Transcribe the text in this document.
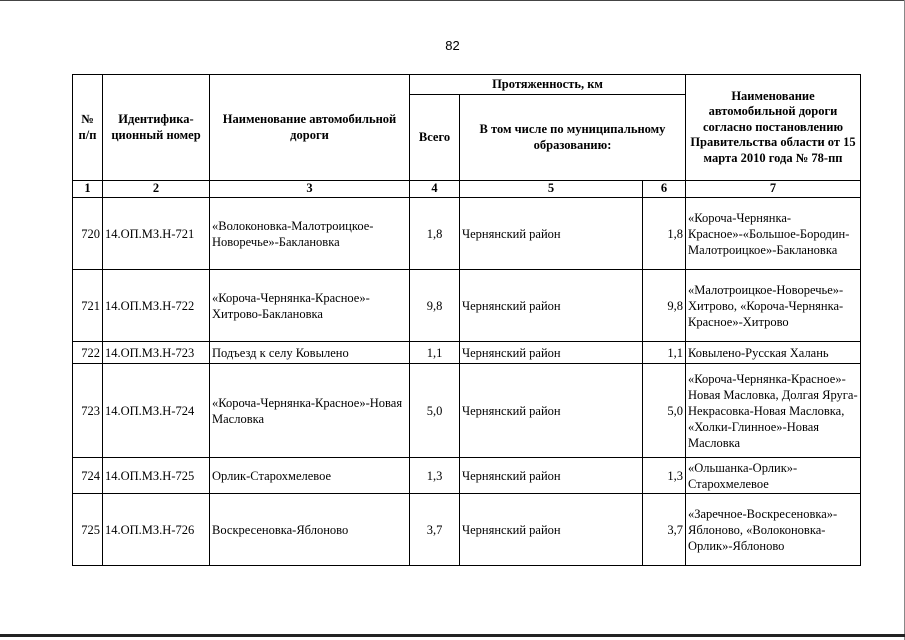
82
№ п/п	Идентифика-ционный номер	Наименование автомобильной дороги	Протяженность, км			Наименование автомобильной дороги согласно постановлению Правительства области от 15 марта 2010 года № 78-пп
			Всего	В том числе по муниципальному образованию:		
1	2	3	4	5	6	7
720	14.ОП.МЗ.Н-721	«Волоконовка-Малотроицкое-Новоречье»-Баклановка	1,8	Чернянский район	1,8	«Короча-Чернянка-Красное»-«Большое-Бородин-Малотроицкое»-Баклановка
721	14.ОП.МЗ.Н-722	«Короча-Чернянка-Красное»-Хитрово-Баклановка	9,8	Чернянский район	9,8	«Малотроицкое-Новоречье»-Хитрово, «Короча-Чернянка-Красное»-Хитрово
722	14.ОП.МЗ.Н-723	Подъезд к селу Ковылено	1,1	Чернянский район	1,1	Ковылено-Русская Халань
723	14.ОП.МЗ.Н-724	«Короча-Чернянка-Красное»-Новая Масловка	5,0	Чернянский район	5,0	«Короча-Чернянка-Красное»-Новая Масловка, Долгая Яруга-Некрасовка-Новая Масловка, «Холки-Глинное»-Новая Масловка
724	14.ОП.МЗ.Н-725	Орлик-Старохмелевое	1,3	Чернянский район	1,3	«Ольшанка-Орлик»-Старохмелевое
725	14.ОП.МЗ.Н-726	Воскресеновка-Яблоново	3,7	Чернянский район	3,7	«Заречное-Воскресеновка»-Яблоново, «Волоконовка-Орлик»-Яблоново
